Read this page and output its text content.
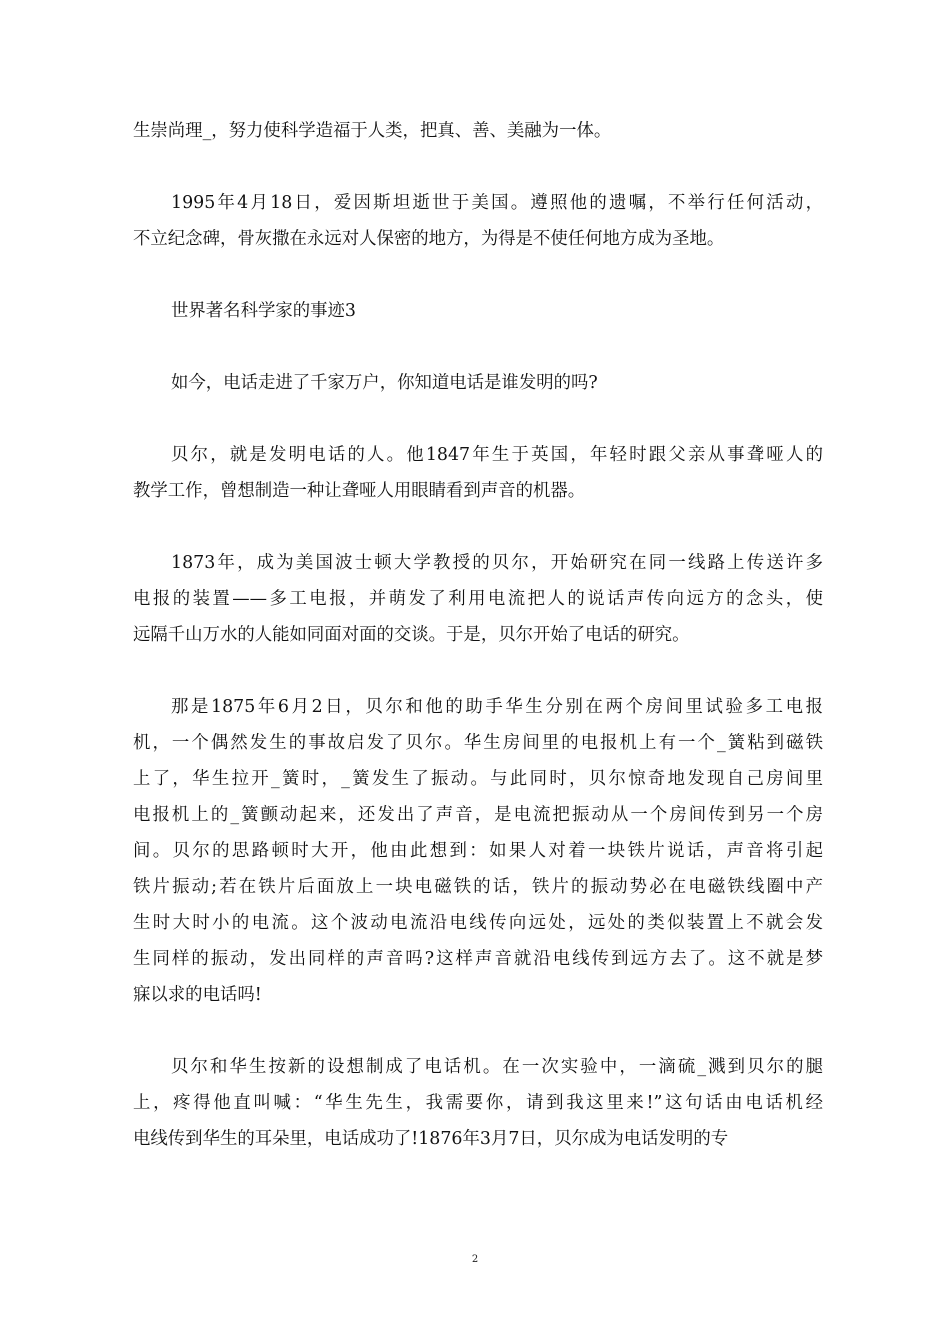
生崇尚理_，努力使科学造福于人类，把真、善、美融为一体。
1995年4月18日，爱因斯坦逝世于美国。遵照他的遗嘱，不举行任何活动，
不立纪念碑，骨灰撒在永远对人保密的地方，为得是不使任何地方成为圣地。
世界著名科学家的事迹3
如今，电话走进了千家万户，你知道电话是谁发明的吗?
贝尔，就是发明电话的人。他1847年生于英国，年轻时跟父亲从事聋哑人的
教学工作，曾想制造一种让聋哑人用眼睛看到声音的机器。
1873年，成为美国波士顿大学教授的贝尔，开始研究在同一线路上传送许多
电报的装置——多工电报，并萌发了利用电流把人的说话声传向远方的念头，使
远隔千山万水的人能如同面对面的交谈。于是，贝尔开始了电话的研究。
那是1875年6月2日，贝尔和他的助手华生分别在两个房间里试验多工电报
机，一个偶然发生的事故启发了贝尔。华生房间里的电报机上有一个_簧粘到磁铁
上了，华生拉开_簧时，_簧发生了振动。与此同时，贝尔惊奇地发现自己房间里
电报机上的_簧颤动起来，还发出了声音，是电流把振动从一个房间传到另一个房
间。贝尔的思路顿时大开，他由此想到：如果人对着一块铁片说话，声音将引起
铁片振动;若在铁片后面放上一块电磁铁的话，铁片的振动势必在电磁铁线圈中产
生时大时小的电流。这个波动电流沿电线传向远处，远处的类似装置上不就会发
生同样的振动，发出同样的声音吗?这样声音就沿电线传到远方去了。这不就是梦
寐以求的电话吗!
贝尔和华生按新的设想制成了电话机。在一次实验中，一滴硫_溅到贝尔的腿
上，疼得他直叫喊：“华生先生，我需要你，请到我这里来!”这句话由电话机经
电线传到华生的耳朵里，电话成功了!1876年3月7日，贝尔成为电话发明的专
2
